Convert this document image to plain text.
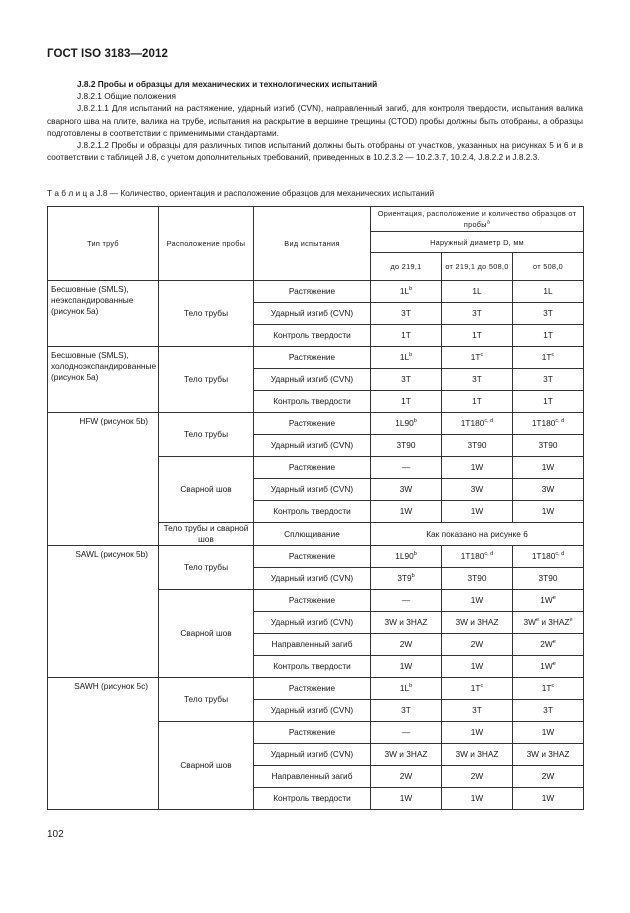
ГОСТ ISO 3183—2012

J.8.2 Пробы и образцы для механических и технологических испытаний

J.8.2.1 Общие положения

J.8.2.1.1 Для испытаний на растяжение, ударный изгиб (CVN), направленный загиб, для контроля твердости, испытания валика сварного шва на плите, валика на трубе, испытания на раскрытие в вершине трещины (CTOD) пробы должны быть отобраны, а образцы подготовлены в соответствии с применимыми стандартами.

J.8.2.1.2 Пробы и образцы для различных типов испытаний должны быть отобраны от участков, указанных на рисунках 5 и 6 и в соответствии с таблицей J.8, с учетом дополнительных требований, приведенных в 10.2.3.2 — 10.2.3.7, 10.2.4, J.8.2.2 и J.8.2.3.

Т а б л и ц а J.8 — Количество, ориентация и расположение образцов для механических испытаний
Тип труб	Расположение пробы	Вид испытания	Ориентация, расположение и количество образцов от пробы$^a$
			Наружный диаметр D, мм		
			до 219,1	от 219,1 до 508,0	от 508,0
Бесшовные (SMLS), неэкспандированные (рисунок 5a)	Тело трубы	Растяжение	$1L^b$	1L	1L
		Ударный изгиб (CVN)	3T	3T	3T
		Контроль твердости	1T	1T	1T
Бесшовные (SMLS), холодноэкспандированные (рисунок 5a)	Тело трубы	Растяжение	$1L^b$	$1T^c$	$1T^c$
		Ударный изгиб (CVN)	3T	3T	3T
		Контроль твердости	1T	1T	1T
HFW (рисунок 5b)	Тело трубы	Растяжение	1L90$^b$	1T180$^{c, d}$	1T180$^{c, d}$
		Ударный изгиб (CVN)	3T90	3T90	3T90
	Сварной шов	Растяжение	—	1W	1W
		Ударный изгиб (CVN)	3W	3W	3W
		Контроль твердости	1W	1W	1W
	Тело трубы и сварной шов	Сплющивание	Как показано на рисунке 6		
SAWL (рисунок 5b)	Тело трубы	Растяжение	1L90$^b$	1T180$^{c, d}$	1T180$^{c, d}$
		Ударный изгиб (CVN)	3T9$^b$	3T90	3T90
	Сварной шов	Растяжение	—	1W	$1W^e$
		Ударный изгиб (CVN)	3W и 3HAZ	3W и 3HAZ	$3W^e$ и 3HAZ$^e$
		Направленный загиб	2W	2W	$2W^e$
		Контроль твердости	1W	1W	$1W^e$
SAWH (рисунок 5c)	Тело трубы	Растяжение	$1L^b$	$1T^c$	$1T^c$
		Ударный изгиб (CVN)	3T	3T	3T
	Сварной шов	Растяжение	—	1W	1W
		Ударный изгиб (CVN)	3W и 3HAZ	3W и 3HAZ	3W и 3HAZ
		Направленный загиб	2W	2W	2W
		Контроль твердости	1W	1W	1W
102
